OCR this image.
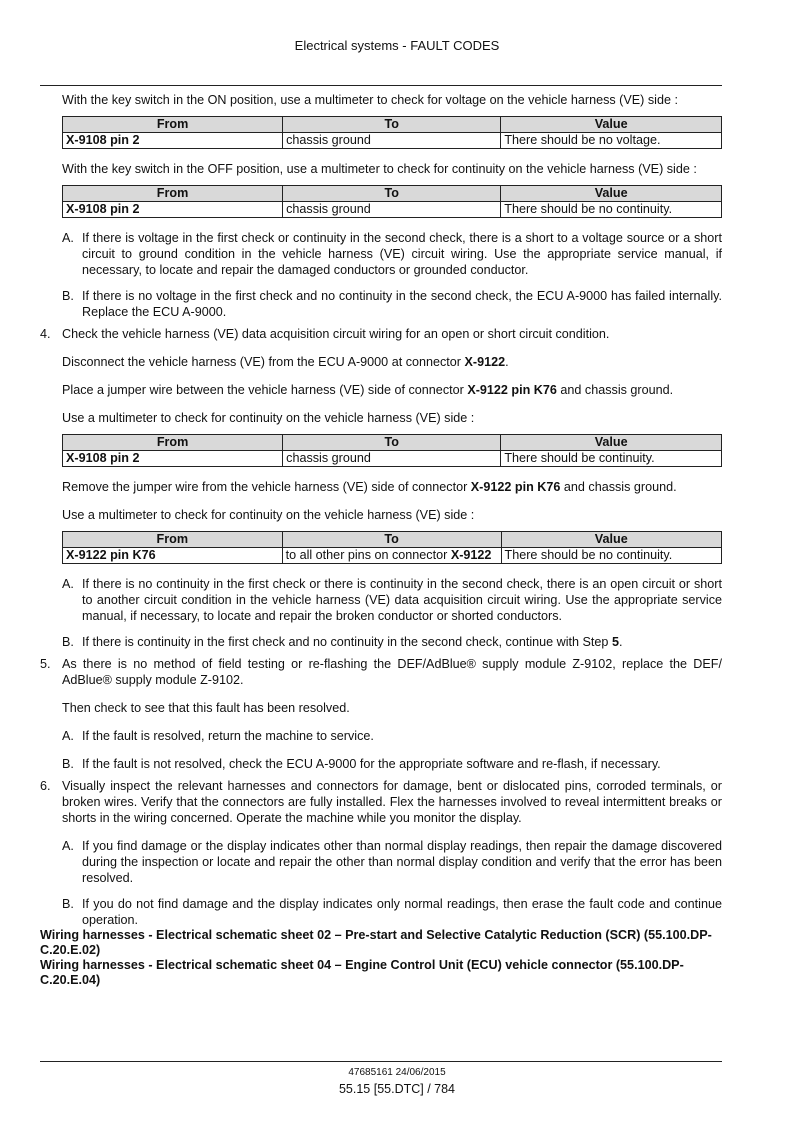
Electrical systems - FAULT CODES

With the key switch in the ON position, use a multimeter to check for voltage on the vehicle harness (VE) side :

From	To	Value
X-9108 pin 2	chassis ground	There should be no voltage.

With the key switch in the OFF position, use a multimeter to check for continuity on the vehicle harness (VE) side :

From	To	Value
X-9108 pin 2	chassis ground	There should be no continuity.
A. If there is voltage in the first check or continuity in the second check, there is a short to a voltage source or a short circuit to ground condition in the vehicle harness (VE) circuit wiring. Use the appropriate service manual, if necessary, to locate and repair the damaged conductors or grounded conductor.
B. If there is no voltage in the first check and no continuity in the second check, the ECU A-9000 has failed internally. Replace the ECU A-9000.
4. Check the vehicle harness (VE) data acquisition circuit wiring for an open or short circuit condition.

Disconnect the vehicle harness (VE) from the ECU A-9000 at connector X-9122.

Place a jumper wire between the vehicle harness (VE) side of connector X-9122 pin K76 and chassis ground.

Use a multimeter to check for continuity on the vehicle harness (VE) side :

From	To	Value
X-9108 pin 2	chassis ground	There should be continuity.

Remove the jumper wire from the vehicle harness (VE) side of connector X-9122 pin K76 and chassis ground.

Use a multimeter to check for continuity on the vehicle harness (VE) side :

From	To	Value
X-9122 pin K76	to all other pins on connector X-9122	There should be no continuity.
A. If there is no continuity in the first check or there is continuity in the second check, there is an open circuit or short to another circuit condition in the vehicle harness (VE) data acquisition circuit wiring. Use the appropriate service manual, if necessary, to locate and repair the broken conductor or shorted conductors.
B. If there is continuity in the first check and no continuity in the second check, continue with Step 5.
5. As there is no method of field testing or re-flashing the DEF/AdBlue® supply module Z-9102, replace the DEF/ AdBlue® supply module Z-9102.

Then check to see that this fault has been resolved.

A. If the fault is resolved, return the machine to service.
B. If the fault is not resolved, check the ECU A-9000 for the appropriate software and re-flash, if necessary.
6. Visually inspect the relevant harnesses and connectors for damage, bent or dislocated pins, corroded terminals, or broken wires. Verify that the connectors are fully installed. Flex the harnesses involved to reveal intermittent breaks or shorts in the wiring concerned. Operate the machine while you monitor the display.
A. If you find damage or the display indicates other than normal display readings, then repair the damage discovered during the inspection or locate and repair the other than normal display condition and verify that the error has been resolved.
B. If you do not find damage and the display indicates only normal readings, then erase the fault code and continue operation.

Wiring harnesses - Electrical schematic sheet 02 – Pre-start and Selective Catalytic Reduction (SCR) (55.100.DP-C.20.E.02)

Wiring harnesses - Electrical schematic sheet 04 – Engine Control Unit (ECU) vehicle connector (55.100.DP-C.20.E.04)

47685161 24/06/2015
55.15 [55.DTC] / 784
